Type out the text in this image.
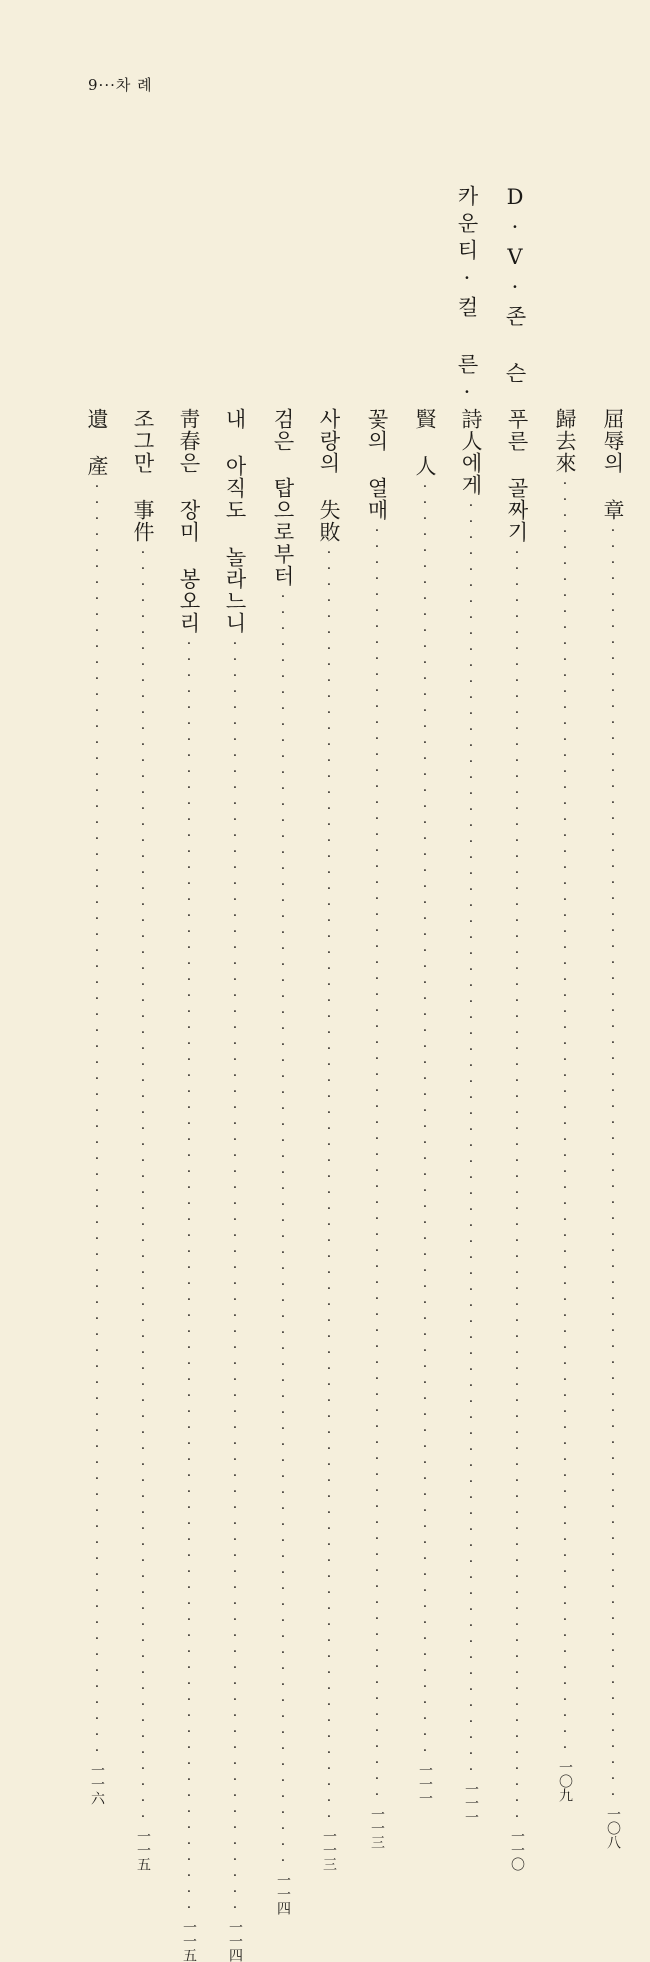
9···차 례

D·V·존 슨
카운티·컬 른·
屈辱의 章
················································································
一〇八
歸去來
················································································
一〇九
푸른 골짜기
················································································
一一〇
詩人에게
················································································
一一一
賢 人
················································································
一一一
꽃의 열매
················································································
一一三
사랑의 失敗
················································································
一一三
검은 탑으로부터
················································································
一一四
내 아직도 놀라느니
················································································
一一四
靑春은 장미 봉오리
················································································
一一五
조그만 事件
················································································
一一五
遺 產
················································································
一一六
